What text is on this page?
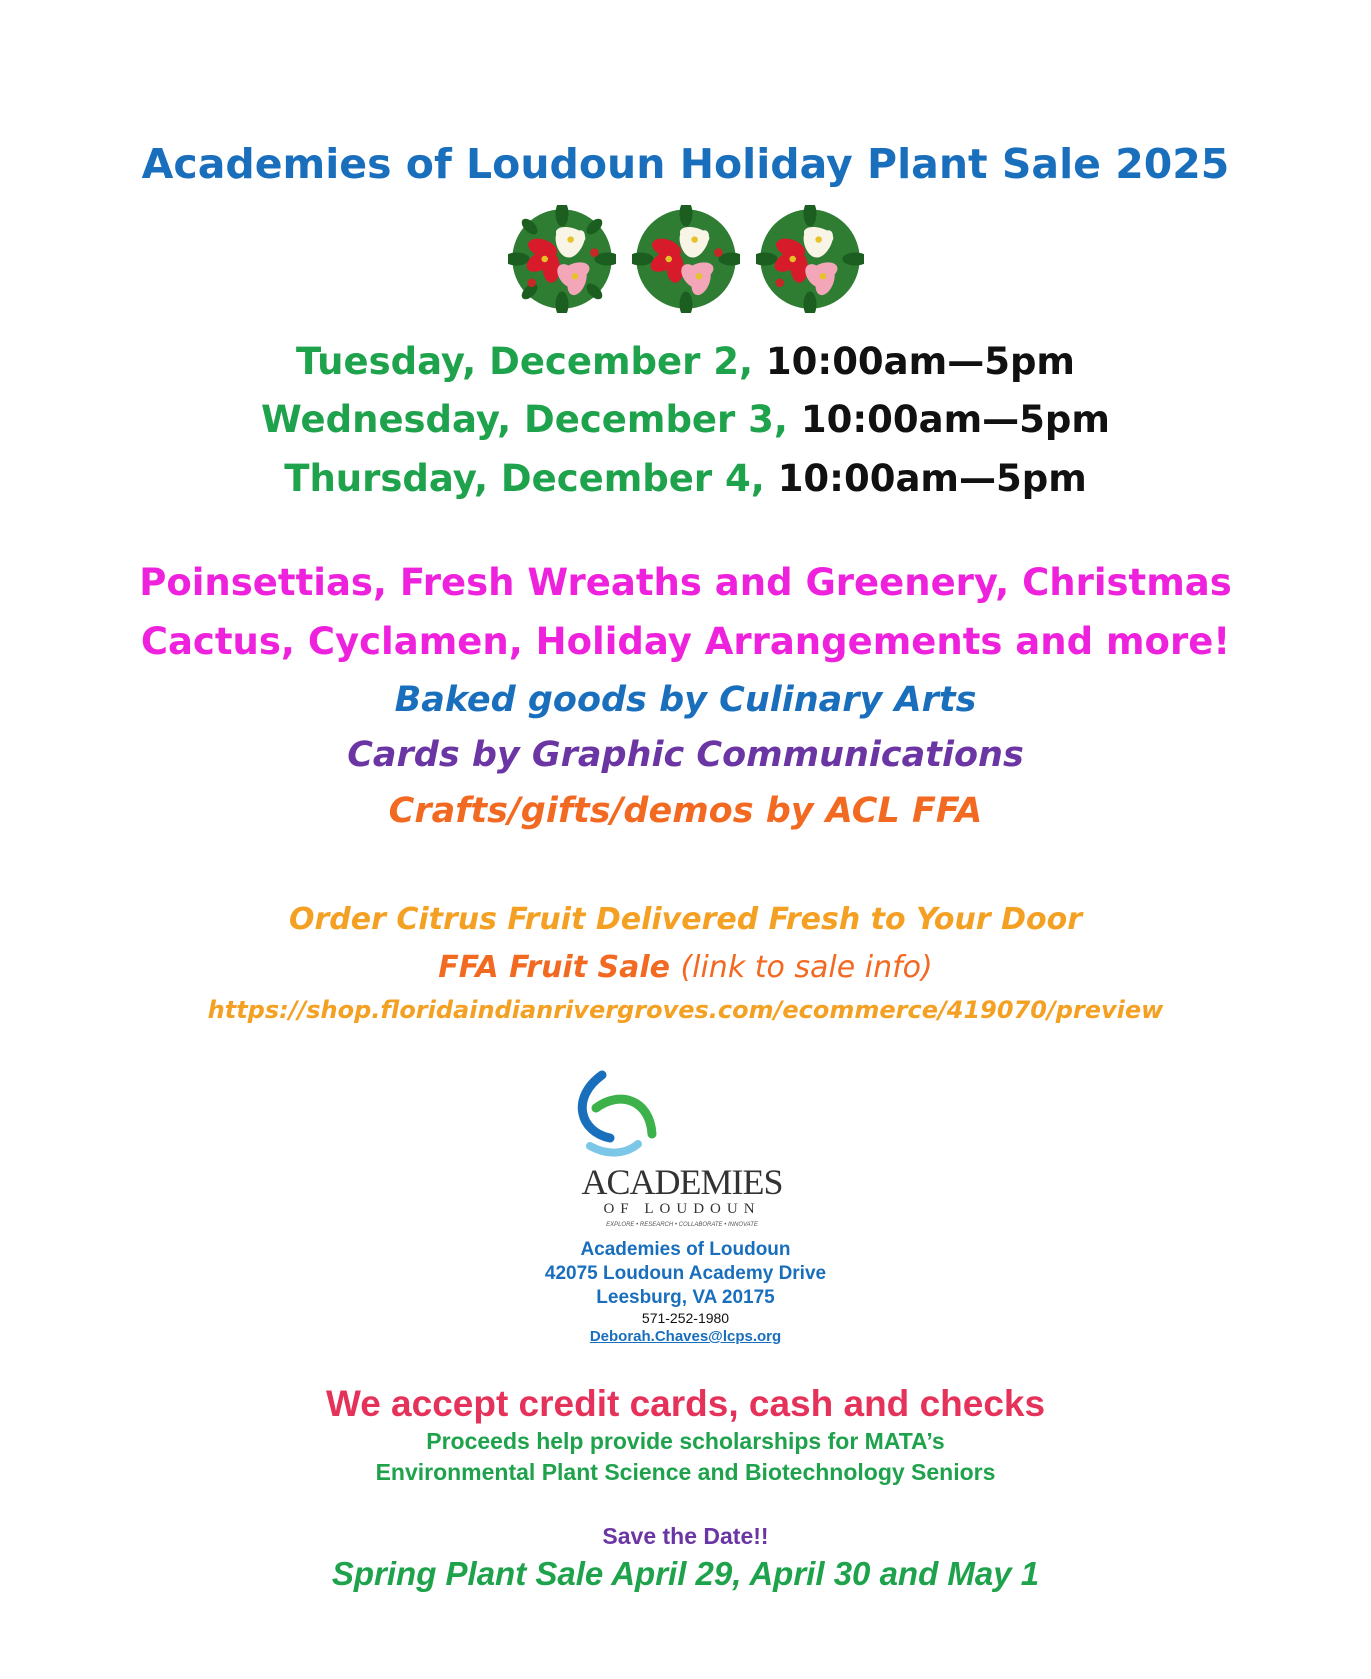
Academies of Loudoun Holiday Plant Sale 2025
Tuesday, December 2, 10:00am—5pm
Wednesday, December 3, 10:00am—5pm
Thursday, December 4, 10:00am—5pm
Poinsettias, Fresh Wreaths and Greenery, Christmas
Cactus, Cyclamen, Holiday Arrangements and more!
Baked goods by Culinary Arts
Cards by Graphic Communications
Crafts/gifts/demos by ACL FFA
Order Citrus Fruit Delivered Fresh to Your Door
FFA Fruit Sale (link to sale info)
https://shop.floridaindianrivergroves.com/ecommerce/419070/preview
ACADEMIES
OF LOUDOUN
EXPLORE • RESEARCH • COLLABORATE • INNOVATE
Academies of Loudoun
42075 Loudoun Academy Drive
Leesburg, VA 20175
571-252-1980
Deborah.Chaves@lcps.org
We accept credit cards, cash and checks
Proceeds help provide scholarships for MATA’s
Environmental Plant Science and Biotechnology Seniors
Save the Date!!
Spring Plant Sale April 29, April 30 and May 1
